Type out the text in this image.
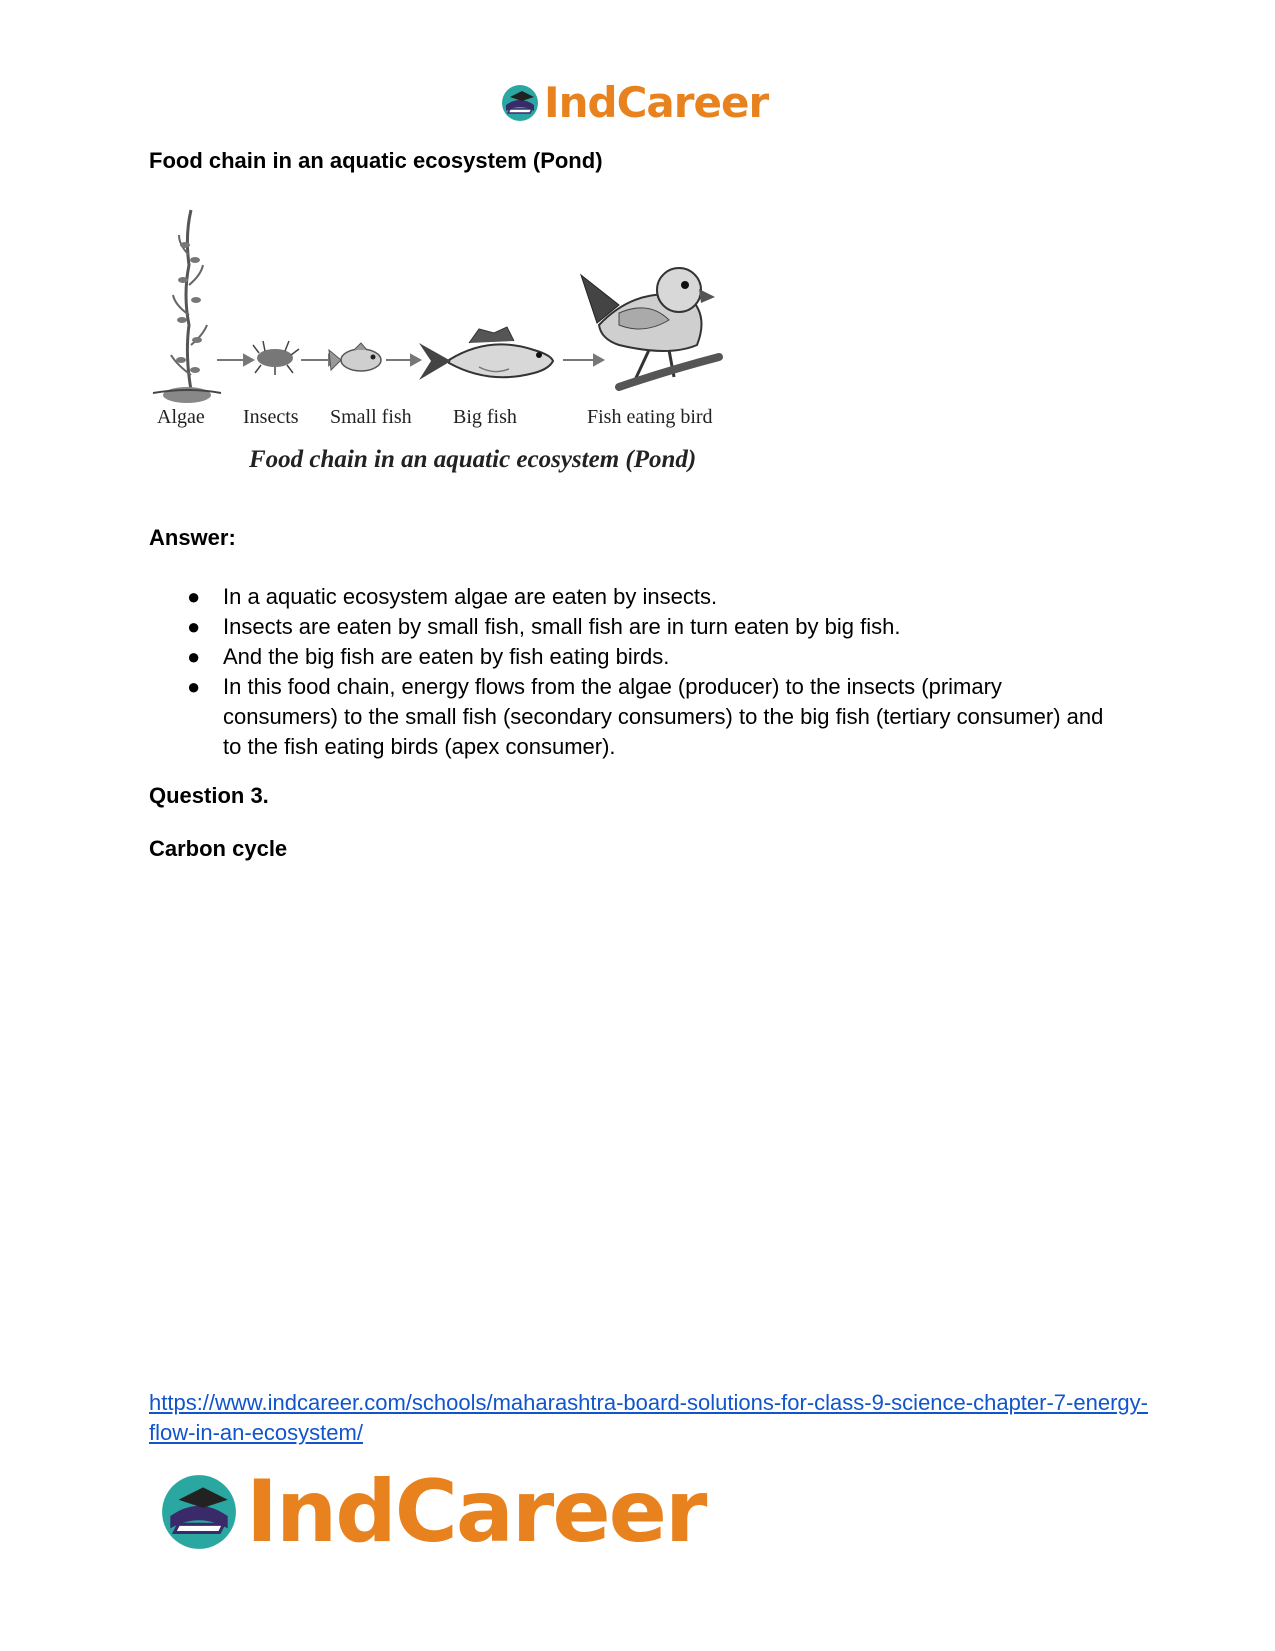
IndCareer
Food chain in an aquatic ecosystem (Pond)
Algae Insects Small fish Big fish	Fish eating bird
Food chain in an aquatic ecosystem (Pond)
Answer:
● In a aquatic ecosystem algae are eaten by insects.
● Insects are eaten by small fish, small fish are in turn eaten by big fish.
● And the big fish are eaten by fish eating birds.
● In this food chain, energy flows from the algae (producer) to the insects (primary consumers) to the small fish (secondary consumers) to the big fish (tertiary consumer) and to the fish eating birds (apex consumer).
Question 3.
Carbon cycle
https://www.indcareer.com/schools/maharashtra-board-solutions-for-class-9-science-chapter-7-energy-flow-in-an-ecosystem/
IndCareer
